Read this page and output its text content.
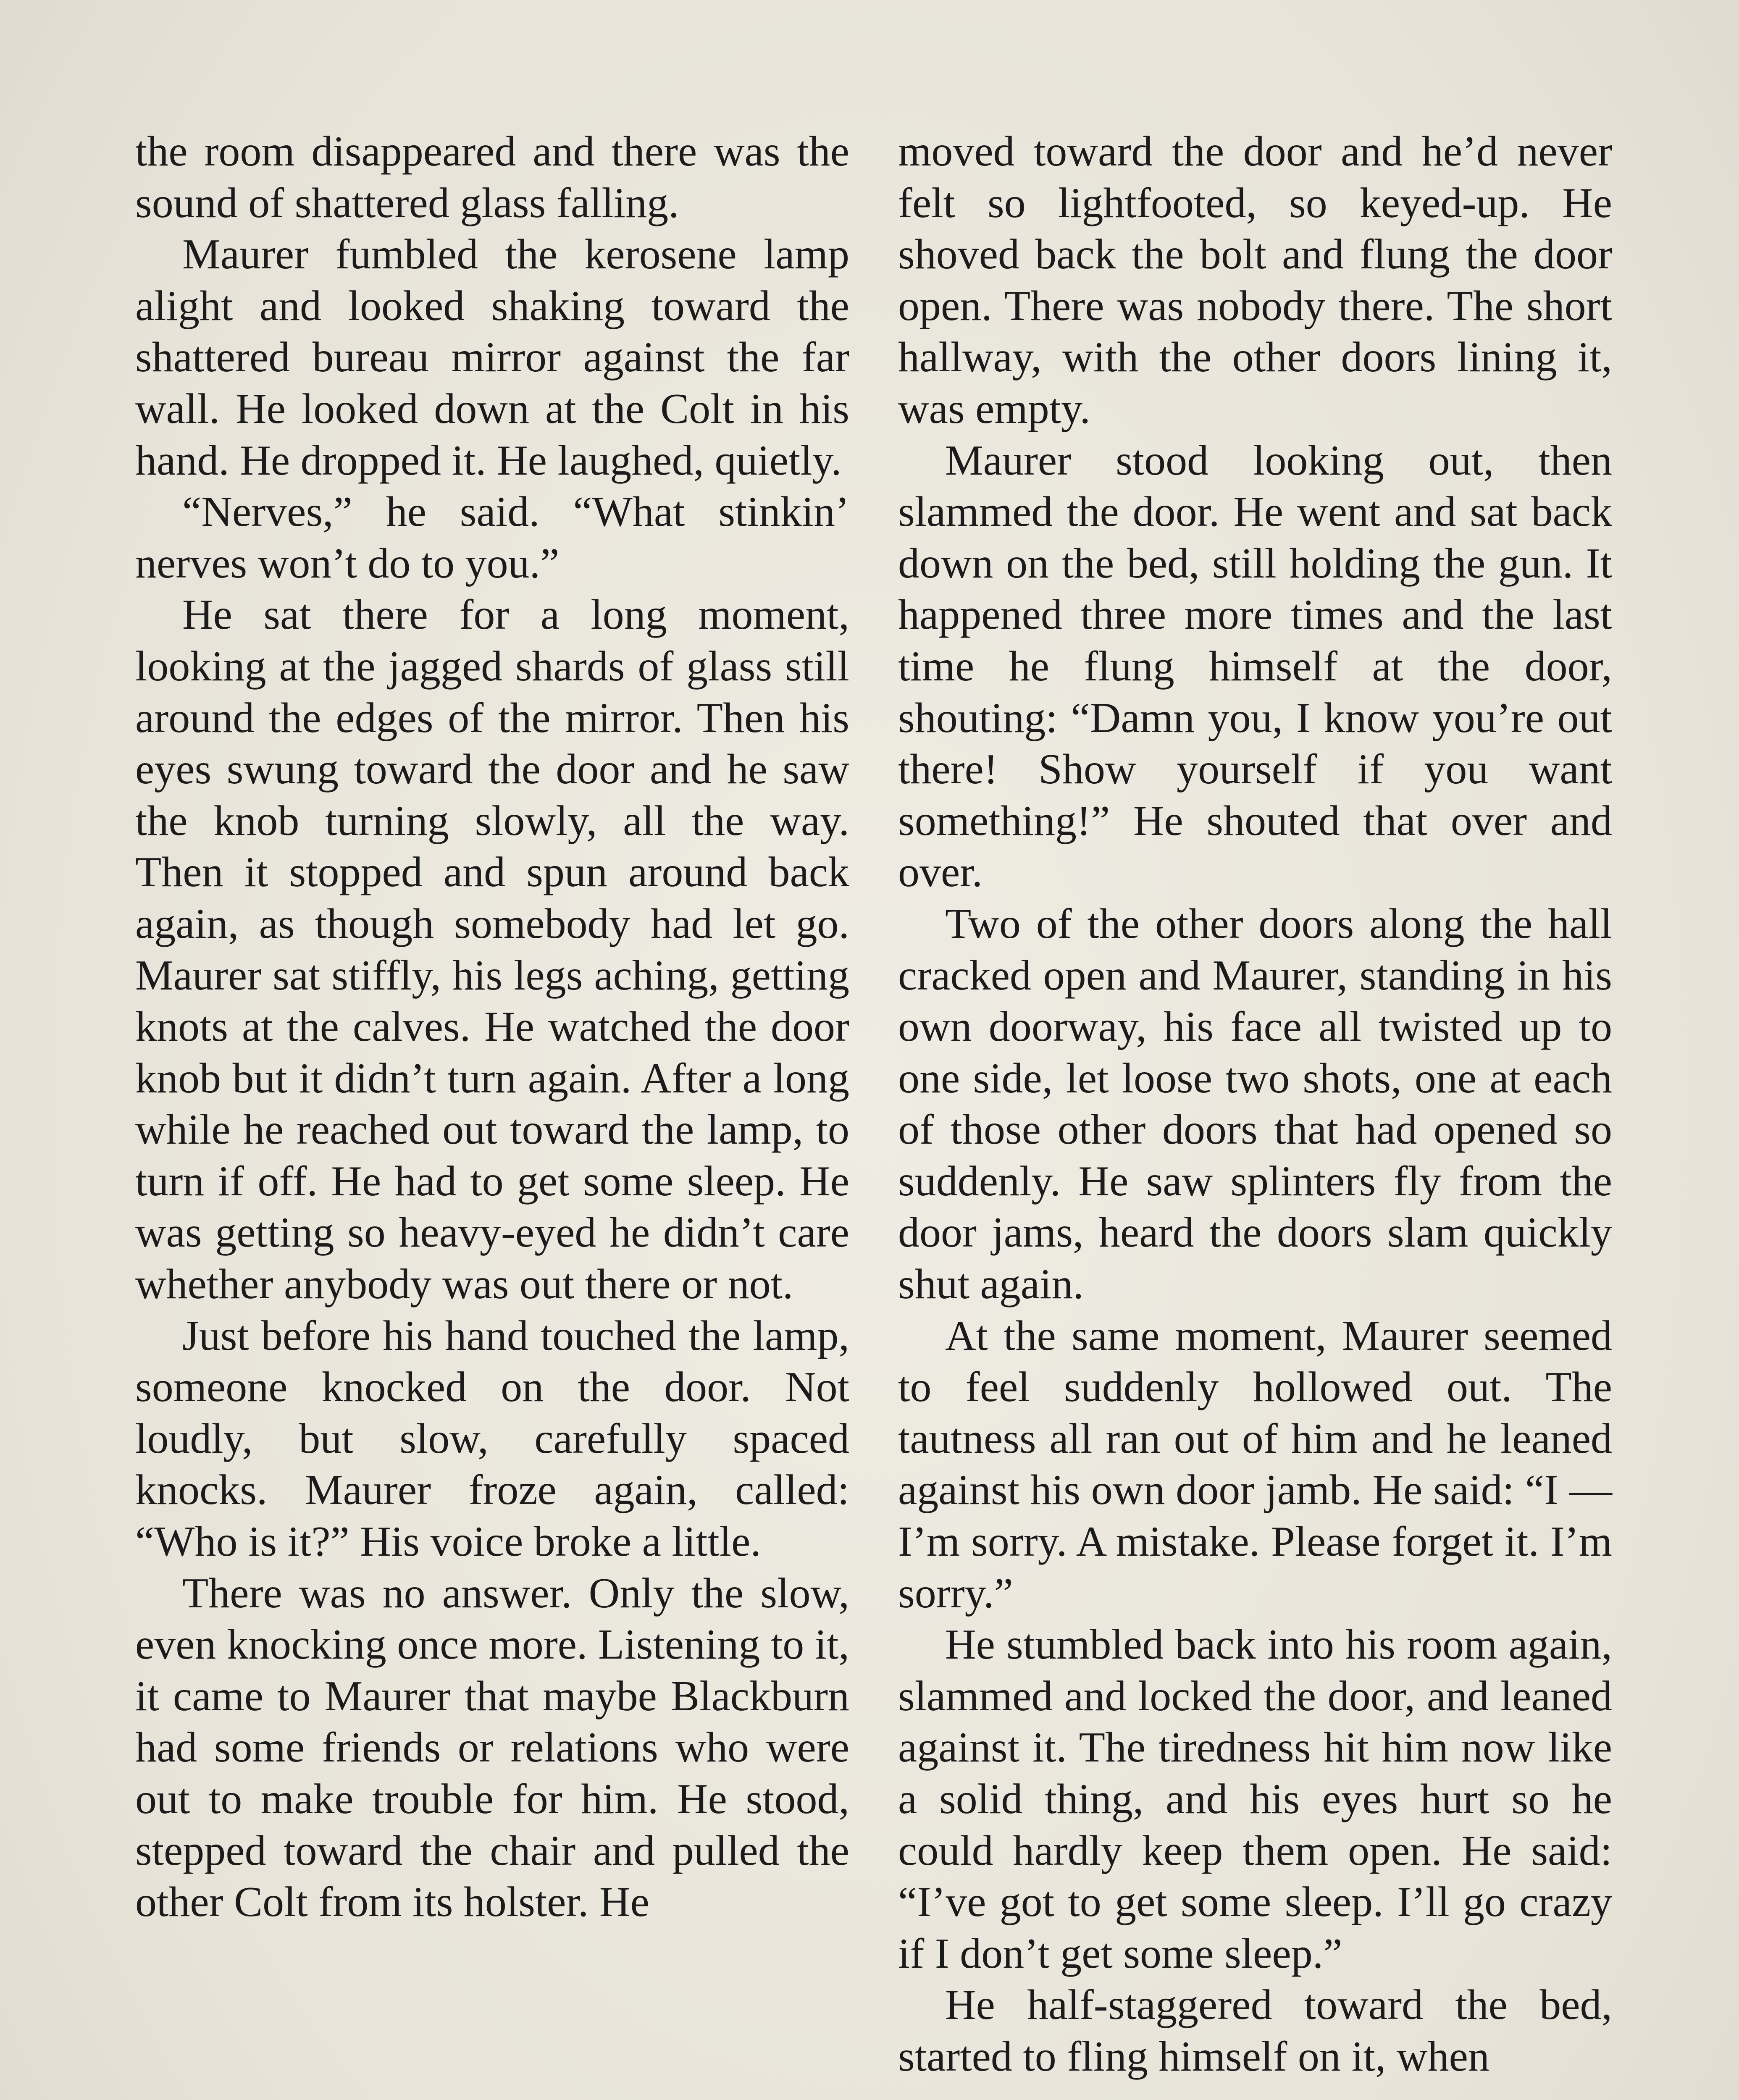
the room disappeared and there was the sound of shattered glass falling.

Maurer fumbled the kerosene lamp alight and looked shaking toward the shattered bureau mirror against the far wall. He looked down at the Colt in his hand. He dropped it. He laughed, quietly.

“Nerves,” he said. “What stinkin’ nerves won’t do to you.”

He sat there for a long moment, looking at the jagged shards of glass still around the edges of the mirror. Then his eyes swung toward the door and he saw the knob turning slowly, all the way. Then it stopped and spun around back again, as though somebody had let go. Maurer sat stiffly, his legs aching, getting knots at the calves. He watched the door knob but it didn’t turn again. After a long while he reached out toward the lamp, to turn if off. He had to get some sleep. He was getting so heavy-eyed he didn’t care whether anybody was out there or not.

Just before his hand touched the lamp, someone knocked on the door. Not loudly, but slow, carefully spaced knocks. Maurer froze again, called: “Who is it?” His voice broke a little.

There was no answer. Only the slow, even knocking once more. Listening to it, it came to Maurer that maybe Blackburn had some friends or relations who were out to make trouble for him. He stood, stepped toward the chair and pulled the other Colt from its holster. He

moved toward the door and he’d never felt so lightfooted, so keyed-up. He shoved back the bolt and flung the door open. There was nobody there. The short hallway, with the other doors lining it, was empty.

Maurer stood looking out, then slammed the door. He went and sat back down on the bed, still holding the gun. It happened three more times and the last time he flung himself at the door, shouting: “Damn you, I know you’re out there! Show yourself if you want something!” He shouted that over and over.

Two of the other doors along the hall cracked open and Maurer, standing in his own doorway, his face all twisted up to one side, let loose two shots, one at each of those other doors that had opened so suddenly. He saw splinters fly from the door jams, heard the doors slam quickly shut again.

At the same moment, Maurer seemed to feel suddenly hollowed out. The tautness all ran out of him and he leaned against his own door jamb. He said: “I — I’m sorry. A mistake. Please forget it. I’m sorry.”

He stumbled back into his room again, slammed and locked the door, and leaned against it. The tiredness hit him now like a solid thing, and his eyes hurt so he could hardly keep them open. He said: “I’ve got to get some sleep. I’ll go crazy if I don’t get some sleep.”

He half-staggered toward the bed, started to fling himself on it, when
